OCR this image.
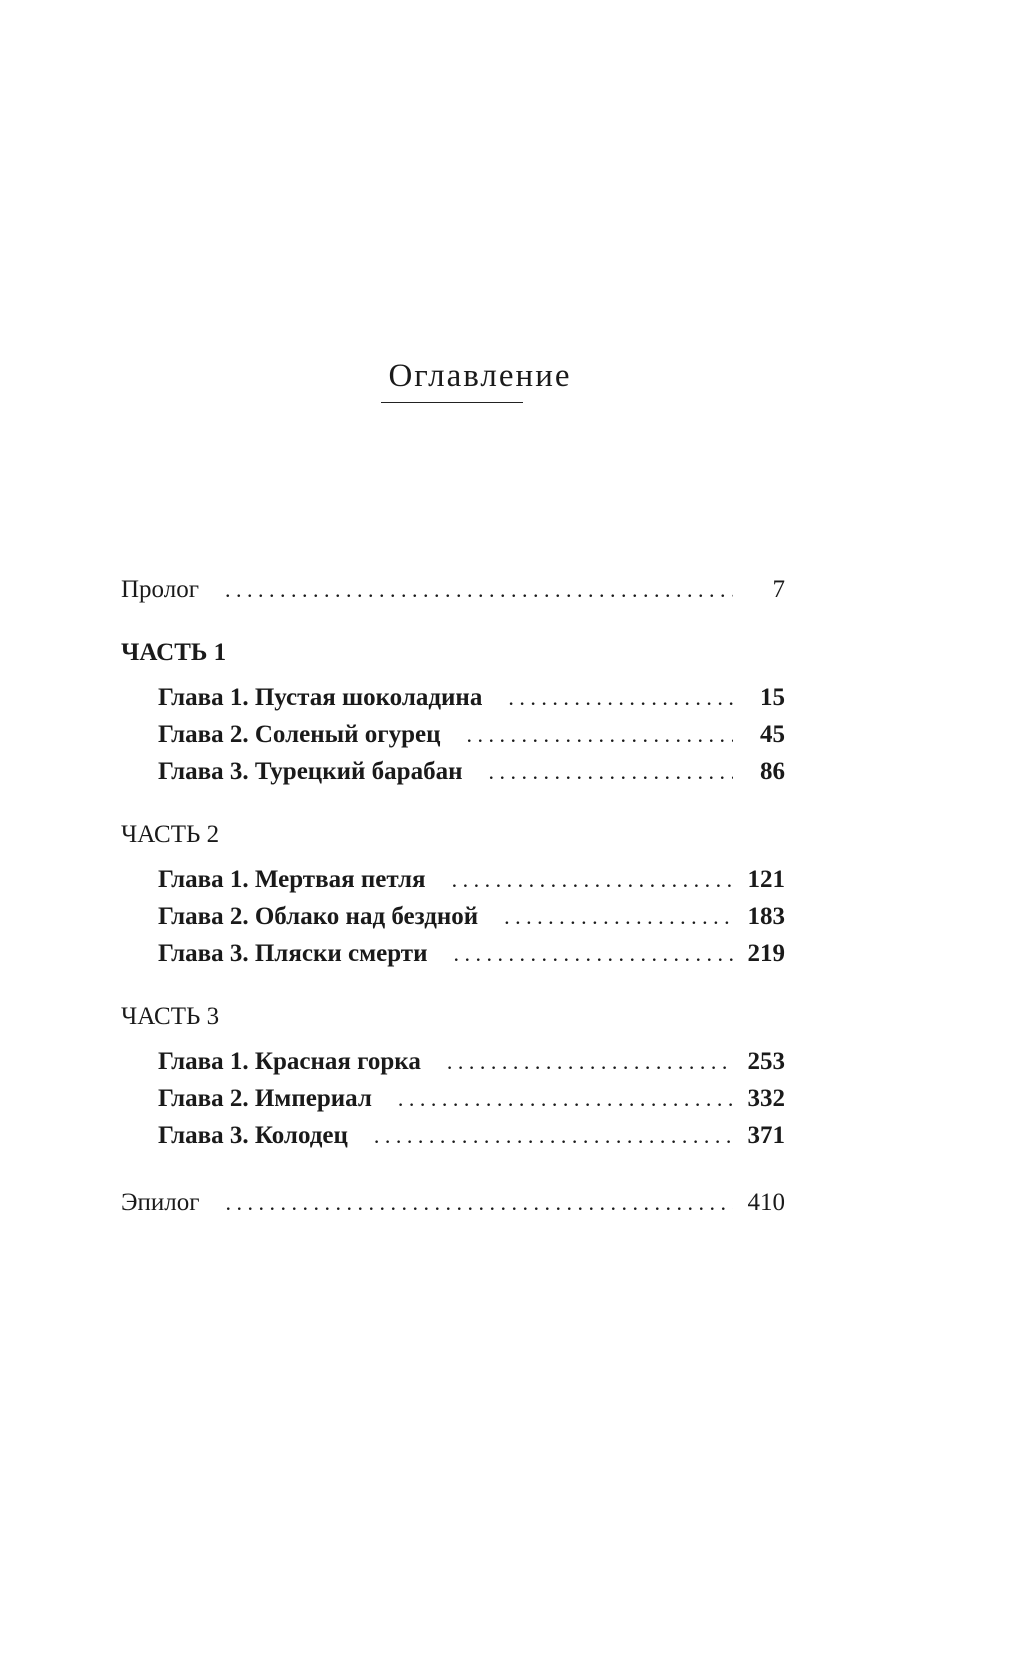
Оглавление
Пролог . . .	7
ЧАСТЬ 1
Глава 1. Пустая шоколадина . . .	15
Глава 2. Соленый огурец . . .	45
Глава 3. Турецкий барабан . . .	86
ЧАСТЬ 2
Глава 1. Мертвая петля . . .	121
Глава 2. Облако над бездной . . .	183
Глава 3. Пляски смерти . . .	219
ЧАСТЬ 3
Глава 1. Красная горка . . .	253
Глава 2. Империал . . .	332
Глава 3. Колодец . . .	371
Эпилог . . .	410
